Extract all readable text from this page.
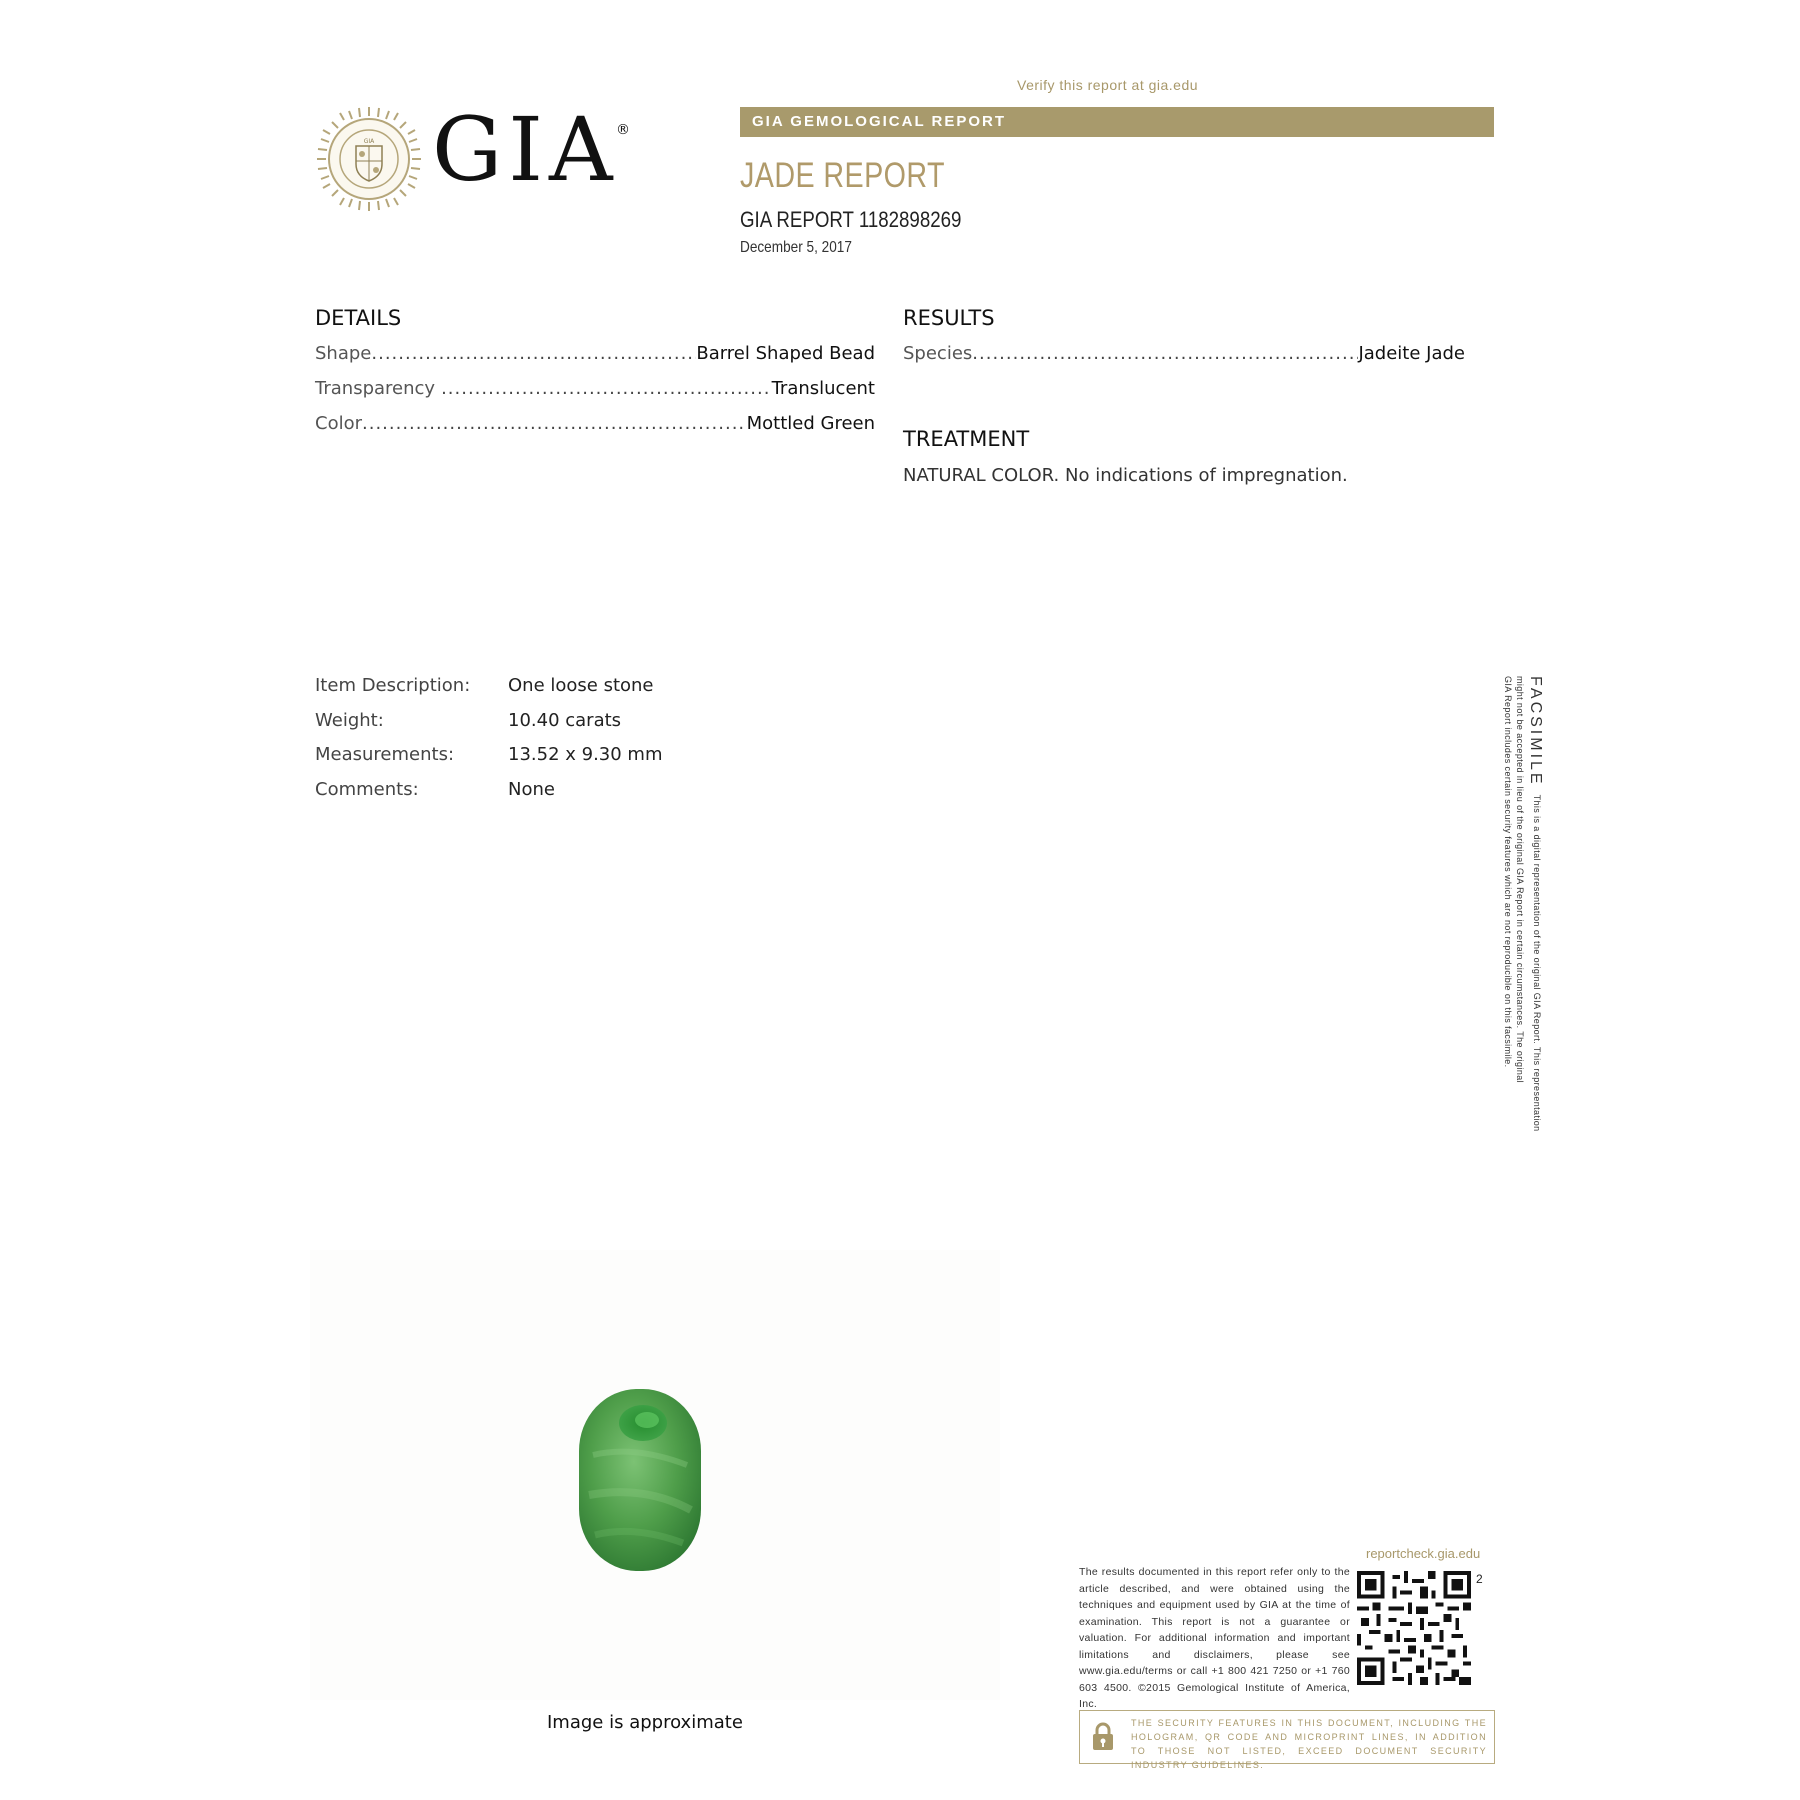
GIA GIA
®
Verify this report at gia.edu
GIA GEMOLOGICAL REPORT
JADE REPORT
GIA REPORT 1182898269
December 5, 2017
DETAILS
Shape .....	Barrel Shaped Bead
Transparency .....	Translucent
Color .....	Mottled Green
RESULTS
Species .....	Jadeite Jade
TREATMENT
NATURAL COLOR. No indications of impregnation.
Item Description:	One loose stone
Weight:	10.40 carats
Measurements:	13.52 x 9.30 mm
Comments:	None
FACSIMILE
This is a digital representation of the original GIA Report. This representation
might not be accepted in lieu of the original GIA Report in certain circumstances. The original
GIA Report includes certain security features which are not reproducible on this facsimile.
Image is approximate
reportcheck.gia.edu
The results documented in this report refer only to the article described, and were obtained using the techniques and equipment used by GIA at the time of examination. This report is not a guarantee or valuation. For additional information and important limitations and disclaimers, please see www.gia.edu/terms or call +1 800 421 7250 or +1 760 603 4500. ©2015 Gemological Institute of America, Inc.
2
THE SECURITY FEATURES IN THIS DOCUMENT, INCLUDING THE HOLOGRAM, QR CODE AND MICROPRINT LINES, IN ADDITION TO THOSE NOT LISTED, EXCEED DOCUMENT SECURITY INDUSTRY GUIDELINES.
